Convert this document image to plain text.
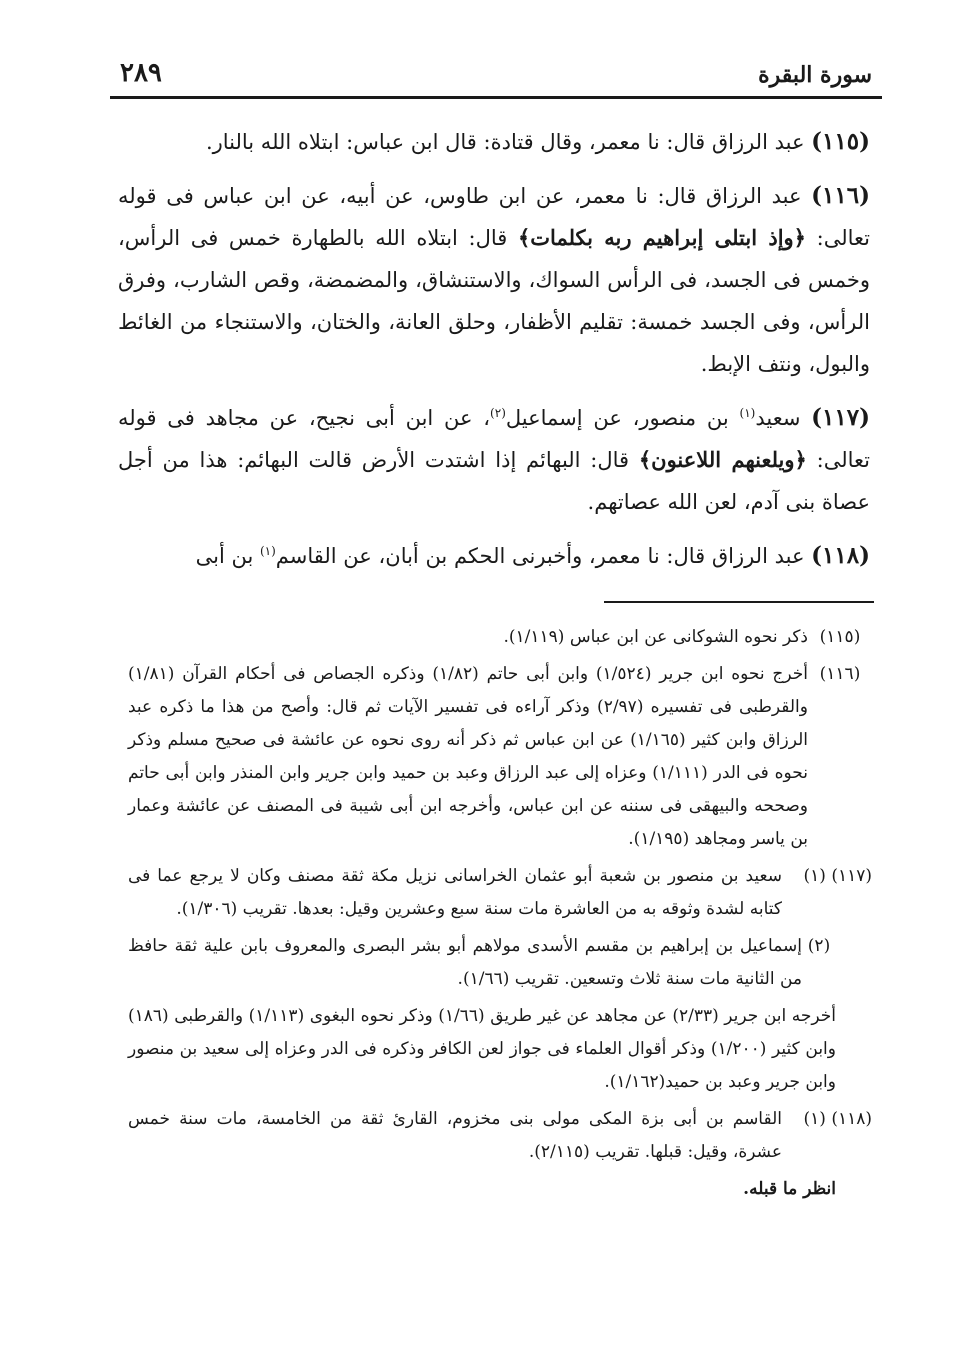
سورة البقرة
٢٨٩

(١١٥) عبد الرزاق قال: نا معمر، وقال قتادة: قال ابن عباس: ابتلاه الله بالنار.

(١١٦) عبد الرزاق قال: نا معمر، عن ابن طاوس، عن أبيه، عن ابن عباس فى قوله تعالى: ﴿وإذ ابتلى إبراهيم ربه بكلمات﴾ قال: ابتلاه الله بالطهارة خمس فى الرأس، وخمس فى الجسد، فى الرأس السواك، والاستنشاق، والمضمضة، وقص الشارب، وفرق الرأس، وفى الجسد خمسة: تقليم الأظفار، وحلق العانة، والختان، والاستنجاء من الغائط والبول، ونتف الإبط.

(١١٧) سعيد$^{(١)}$ بن منصور، عن إسماعيل$^{(٢)}$، عن ابن أبى نجيح، عن مجاهد فى قوله تعالى: ﴿ويلعنهم اللاعنون﴾ قال: البهائم إذا اشتدت الأرض قالت البهائم: هذا من أجل عصاة بنى آدم، لعن الله عصاتهم.

(١١٨) عبد الرزاق قال: نا معمر، وأخبرنى الحكم بن أبان، عن القاسم$^{(١)}$ بن أبى

(١١٥)
ذكر نحوه الشوكانى عن ابن عباس (١/١١٩).
(١١٦)
أخرج نحوه ابن جرير (١/٥٢٤) وابن أبى حاتم (١/٨٢) وذكره الجصاص فى أحكام القرآن (١/٨١) والقرطبى فى تفسيره (٢/٩٧) وذكر آراءه فى تفسير الآيات ثم قال: وأصح من هذا ما ذكره عبد الرزاق وابن كثير (١/١٦٥) عن ابن عباس ثم ذكر أنه روى نحوه عن عائشة فى صحيح مسلم وذكر نحوه فى الدر (١/١١١) وعزاه إلى عبد الرزاق وعبد بن حميد وابن جرير وابن المنذر وابن أبى حاتم وصححه والبيهقى فى سننه عن ابن عباس، وأخرجه ابن أبى شيبة فى المصنف عن عائشة وعمار بن ياسر ومجاهد (١/١٩٥).
(١١٧) (١)
سعيد بن منصور بن شعبة أبو عثمان الخراسانى نزيل مكة ثقة مصنف وكان لا يرجع عما فى كتابه لشدة وثوقه به من العاشرة مات سنة سبع وعشرين وقيل: بعدها. تقريب (١/٣٠٦).
(٢)
إسماعيل بن إبراهيم بن مقسم الأسدى مولاهم أبو بشر البصرى والمعروف بابن علية ثقة حافظ من الثانية مات سنة ثلاث وتسعين. تقريب (١/٦٦).
أخرجه ابن جرير (٢/٣٣) عن مجاهد عن غير طريق (١/٦٦) وذكر نحوه البغوى (١/١١٣) والقرطبى (١٨٦) وابن كثير (١/٢٠٠) وذكر أقوال العلماء فى جواز لعن الكافر وذكره فى الدر وعزاه إلى سعيد بن منصور وابن جرير وعبد بن حميد(١/١٦٢).
(١١٨) (١)
القاسم بن أبى بزة المكى مولى بنى مخزوم، القارئ ثقة من الخامسة، مات سنة خمس عشرة، وقيل: قبلها. تقريب (٢/١١٥).
انظر ما قبله.
